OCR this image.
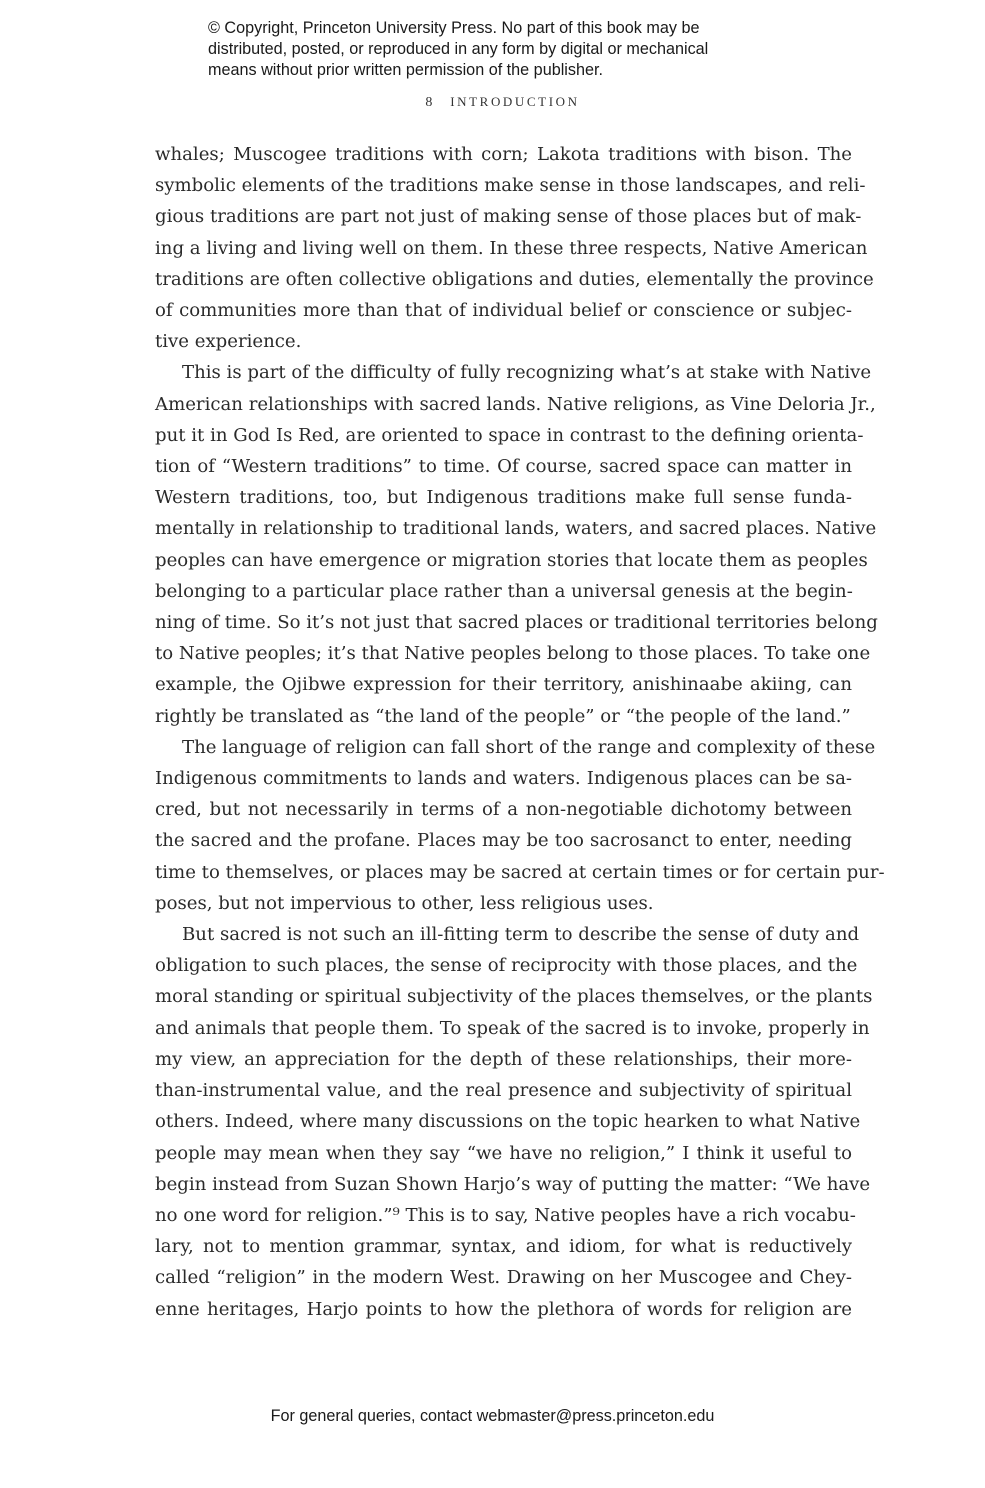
© Copyright, Princeton University Press. No part of this book may be

distributed, posted, or reproduced in any form by digital or mechanical

means without prior written permission of the publisher.

8 INTRODUCTION
whales; Muscogee traditions with corn; Lakota traditions with bison. The
symbolic elements of the traditions make sense in those landscapes, and reli-
gious traditions are part not just of making sense of those places but of mak-
ing a living and living well on them. In these three respects, Native American
traditions are often collective obligations and duties, elementally the province
of communities more than that of individual belief or conscience or subjec-
tive experience.
This is part of the difficulty of fully recognizing what’s at stake with Native
American relationships with sacred lands. Native religions, as Vine Deloria Jr.,
put it in God Is Red, are oriented to space in contrast to the defining orienta-
tion of “Western traditions” to time. Of course, sacred space can matter in
Western traditions, too, but Indigenous traditions make full sense funda-
mentally in relationship to traditional lands, waters, and sacred places. Native
peoples can have emergence or migration stories that locate them as peoples
belonging to a particular place rather than a universal genesis at the begin-
ning of time. So it’s not just that sacred places or traditional territories belong
to Native peoples; it’s that Native peoples belong to those places. To take one
example, the Ojibwe expression for their territory, anishinaabe akiing, can
rightly be translated as “the land of the people” or “the people of the land.”
The language of religion can fall short of the range and complexity of these
Indigenous commitments to lands and waters. Indigenous places can be sa-
cred, but not necessarily in terms of a non-negotiable dichotomy between
the sacred and the profane. Places may be too sacrosanct to enter, needing
time to themselves, or places may be sacred at certain times or for certain pur-
poses, but not impervious to other, less religious uses.
But sacred is not such an ill-fitting term to describe the sense of duty and
obligation to such places, the sense of reciprocity with those places, and the
moral standing or spiritual subjectivity of the places themselves, or the plants
and animals that people them. To speak of the sacred is to invoke, properly in
my view, an appreciation for the depth of these relationships, their more-
than-instrumental value, and the real presence and subjectivity of spiritual
others. Indeed, where many discussions on the topic hearken to what Native
people may mean when they say “we have no religion,” I think it useful to
begin instead from Suzan Shown Harjo’s way of putting the matter: “We have
no one word for religion.”⁹ This is to say, Native peoples have a rich vocabu-
lary, not to mention grammar, syntax, and idiom, for what is reductively
called “religion” in the modern West. Drawing on her Muscogee and Chey-
enne heritages, Harjo points to how the plethora of words for religion are
For general queries, contact webmaster@press.princeton.edu
